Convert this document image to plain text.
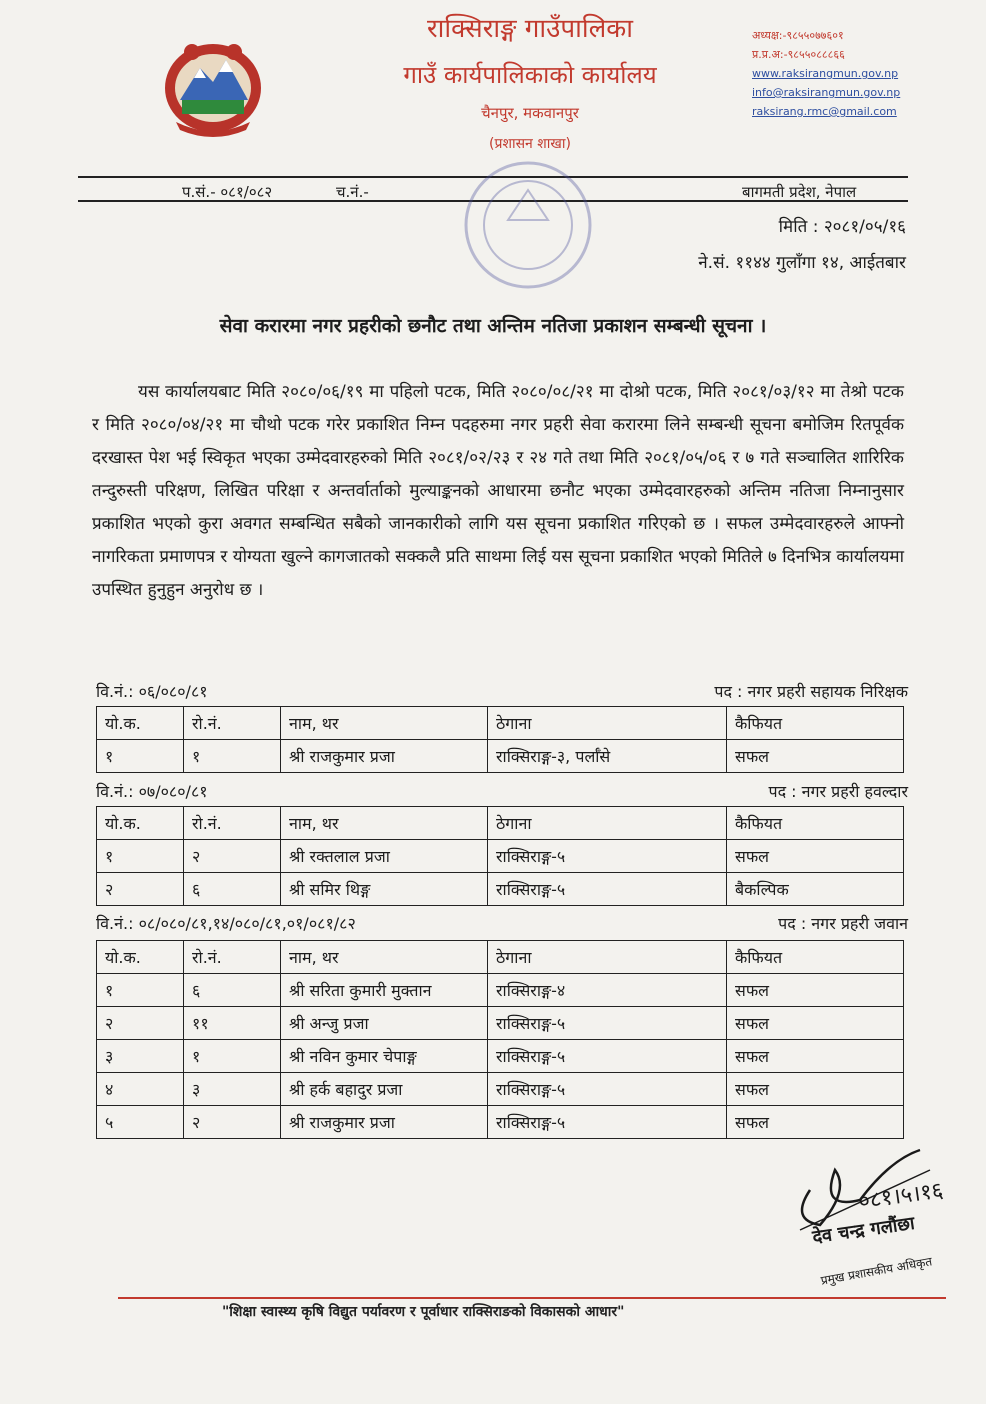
राक्सिराङ्ग गाउँपालिका
गाउँ कार्यपालिकाको कार्यालय
चैनपुर, मकवानपुर
(प्रशासन शाखा)
अध्यक्ष:-९८५५०७७६०१
प्र.प्र.अ:-९८५५०८८८६६
www.raksirangmun.gov.np
info@raksirangmun.gov.np
raksirang.rmc@gmail.com
प.सं.- ०८१/०८२	च.नं.-	बागमती प्रदेश, नेपाल
मिति : २०८१/०५/१६
ने.सं. ११४४ गुलाँगा १४, आईतबार
सेवा करारमा नगर प्रहरीको छनौट तथा अन्तिम नतिजा प्रकाशन सम्बन्धी सूचना ।
यस कार्यालयबाट मिति २०८०/०६/१९ मा पहिलो पटक, मिति २०८०/०८/२१ मा दोश्रो पटक, मिति २०८१/०३/१२ मा तेश्रो पटक र मिति २०८०/०४/२१ मा चौथो पटक गरेर प्रकाशित निम्न पदहरुमा नगर प्रहरी सेवा करारमा लिने सम्बन्धी सूचना बमोजिम रितपूर्वक दरखास्त पेश भई स्विकृत भएका उम्मेदवारहरुको मिति २०८१/०२/२३ र २४ गते तथा मिति २०८१/०५/०६ र ७ गते सञ्चालित शारिरिक तन्दुरुस्ती परिक्षण, लिखित परिक्षा र अन्तर्वार्ताको मुल्याङ्कनको आधारमा छनौट भएका उम्मेदवारहरुको अन्तिम नतिजा निम्नानुसार प्रकाशित भएको कुरा अवगत सम्बन्धित सबैको जानकारीको लागि यस सूचना प्रकाशित गरिएको छ । सफल उम्मेदवारहरुले आफ्नो नागरिकता प्रमाणपत्र र योग्यता खुल्ने कागजातको सक्कलै प्रति साथमा लिई यस सूचना प्रकाशित भएको मितिले ७ दिनभित्र कार्यालयमा उपस्थित हुनुहुन अनुरोध छ ।
वि.नं.: ०६/०८०/८१	पद : नगर प्रहरी सहायक निरिक्षक
यो.क.	रो.नं.	नाम, थर	ठेगाना	कैफियत
१	१	श्री राजकुमार प्रजा	राक्सिराङ्ग-३, पर्लाँसे	सफल
वि.नं.: ०७/०८०/८१	पद : नगर प्रहरी हवल्दार
यो.क.	रो.नं.	नाम, थर	ठेगाना	कैफियत
१	२	श्री रक्तलाल प्रजा	राक्सिराङ्ग-५	सफल
२	६	श्री समिर थिङ्ग	राक्सिराङ्ग-५	बैकल्पिक
वि.नं.: ०८/०८०/८१,१४/०८०/८१,०१/०८१/८२	पद : नगर प्रहरी जवान
यो.क.	रो.नं.	नाम, थर	ठेगाना	कैफियत
१	६	श्री सरिता कुमारी मुक्तान	राक्सिराङ्ग-४	सफल
२	११	श्री अन्जु प्रजा	राक्सिराङ्ग-५	सफल
३	१	श्री नविन कुमार चेपाङ्ग	राक्सिराङ्ग-५	सफल
४	३	श्री हर्क बहादुर प्रजा	राक्सिराङ्ग-५	सफल
५	२	श्री राजकुमार प्रजा	राक्सिराङ्ग-५	सफल
०८१।५।१६
देव चन्द्र गलौंछा
प्रमुख प्रशासकीय अधिकृत
"शिक्षा स्वास्थ्य कृषि विद्युत पर्यावरण र पूर्वाधार राक्सिराङको विकासको आधार"
